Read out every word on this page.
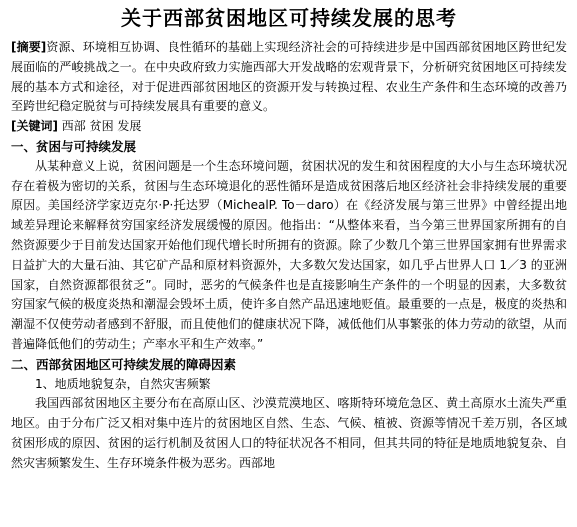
关于西部贫困地区可持续发展的思考

[摘要]资源、环境相互协调、良性循环的基础上实现经济社会的可持续进步是中国西部贫困地区跨世纪发展面临的严峻挑战之一。在中央政府致力实施西部大开发战略的宏观背景下，分析研究贫困地区可持续发展的基本方式和途径，对于促进西部贫困地区的资源开发与转换过程、农业生产条件和生态环境的改善乃至跨世纪稳定脱贫与可持续发展具有重要的意义。

[关键词] 西部 贫困 发展

一、贫困与可持续发展

从某种意义上说，贫困问题是一个生态环境问题，贫困状况的发生和贫困程度的大小与生态环境状况存在着极为密切的关系，贫困与生态环境退化的恶性循环是造成贫困落后地区经济社会非持续发展的重要原因。美国经济学家迈克尔·P·托达罗（MichealP. To－daro）在《经济发展与第三世界》中曾经提出地域差异理论来解释贫穷国家经济发展缓慢的原因。他指出：“从整体来看，当今第三世界国家所拥有的自然资源要少于目前发达国家开始他们现代增长时所拥有的资源。除了少数几个第三世界国家拥有世界需求日益扩大的大量石油、其它矿产品和原材料资源外，大多数欠发达国家，如几乎占世界人口 1／3 的亚洲国家，自然资源都很贫乏”。同时，恶劣的气候条件也是直接影响生产条件的一个明显的因素，大多数贫穷国家气候的极度炎热和潮湿会毁坏土质，使许多自然产品迅速地贬值。最重要的一点是，极度的炎热和潮湿不仅使劳动者感到不舒服，而且使他们的健康状况下降，减低他们从事繁张的体力劳动的欲望，从而普遍降低他们的劳动生；产率水平和生产效率。”

二、西部贫困地区可持续发展的障碍因素

1、地质地貌复杂，自然灾害频繁

我国西部贫困地区主要分布在高原山区、沙漠荒漠地区、喀斯特环境危急区、黄土高原水土流失严重地区。由于分布广泛又相对集中连片的贫困地区自然、生态、气候、植被、资源等情况千差万别，各区域贫困形成的原因、贫困的运行机制及贫困人口的特征状况各不相同，但其共同的特征是地质地貌复杂、自然灾害频繁发生、生存环境条件极为恶劣。西部地
